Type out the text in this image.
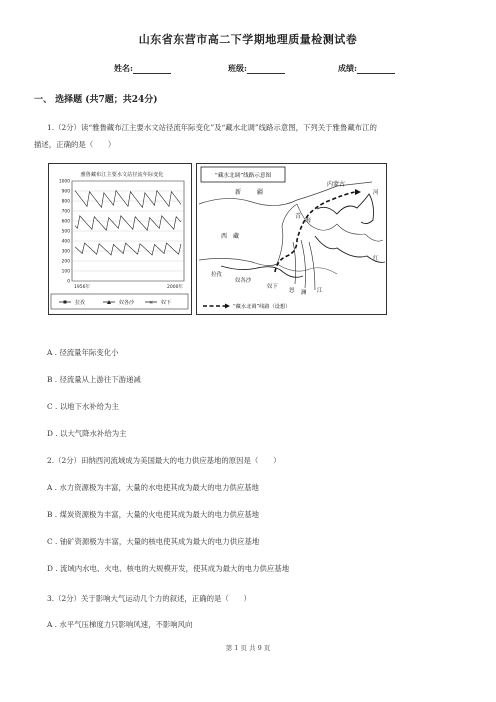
山东省东营市高二下学期地理质量检测试卷
姓名:	班级:	成绩:
一、 选择题 (共7题；共24分)
1.（2分）读“雅鲁藏布江主要水文站径流年际变化”及“藏水北调”线路示意图，下列关于雅鲁藏布江的
描述，正确的是（　　）
雅鲁藏布江主要水文站径流年际变化
1000
900
800
700
600
500
400
300
200
100
0
1956年	2000年
拉孜	奴各沙	× 奴下
“藏水北调”线路示意图
新	疆
内蒙古
青
海
西 藏
拉孜
奴各沙
奴下
河
江
红
澜
怒
“藏水北调”线路（设想）
A . 径流量年际变化小
B . 径流量从上游往下游递减
C . 以地下水补给为主
D . 以大气降水补给为主
2.（2分）田纳西河流域成为美国最大的电力供应基地的原因是（　　）
A . 水力资源极为丰富，大量的水电使其成为最大的电力供应基地
B . 煤炭资源极为丰富，大量的火电使其成为最大的电力供应基地
C . 铀矿资源极为丰富，大量的核电使其成为最大的电力供应基地
D . 流域内水电、火电、核电的大规模开发，使其成为最大的电力供应基地
3.（2分）关于影响大气运动几个力的叙述，正确的是（　　）
A . 水平气压梯度力只影响风速，不影响风向
第 1 页 共 9 页
